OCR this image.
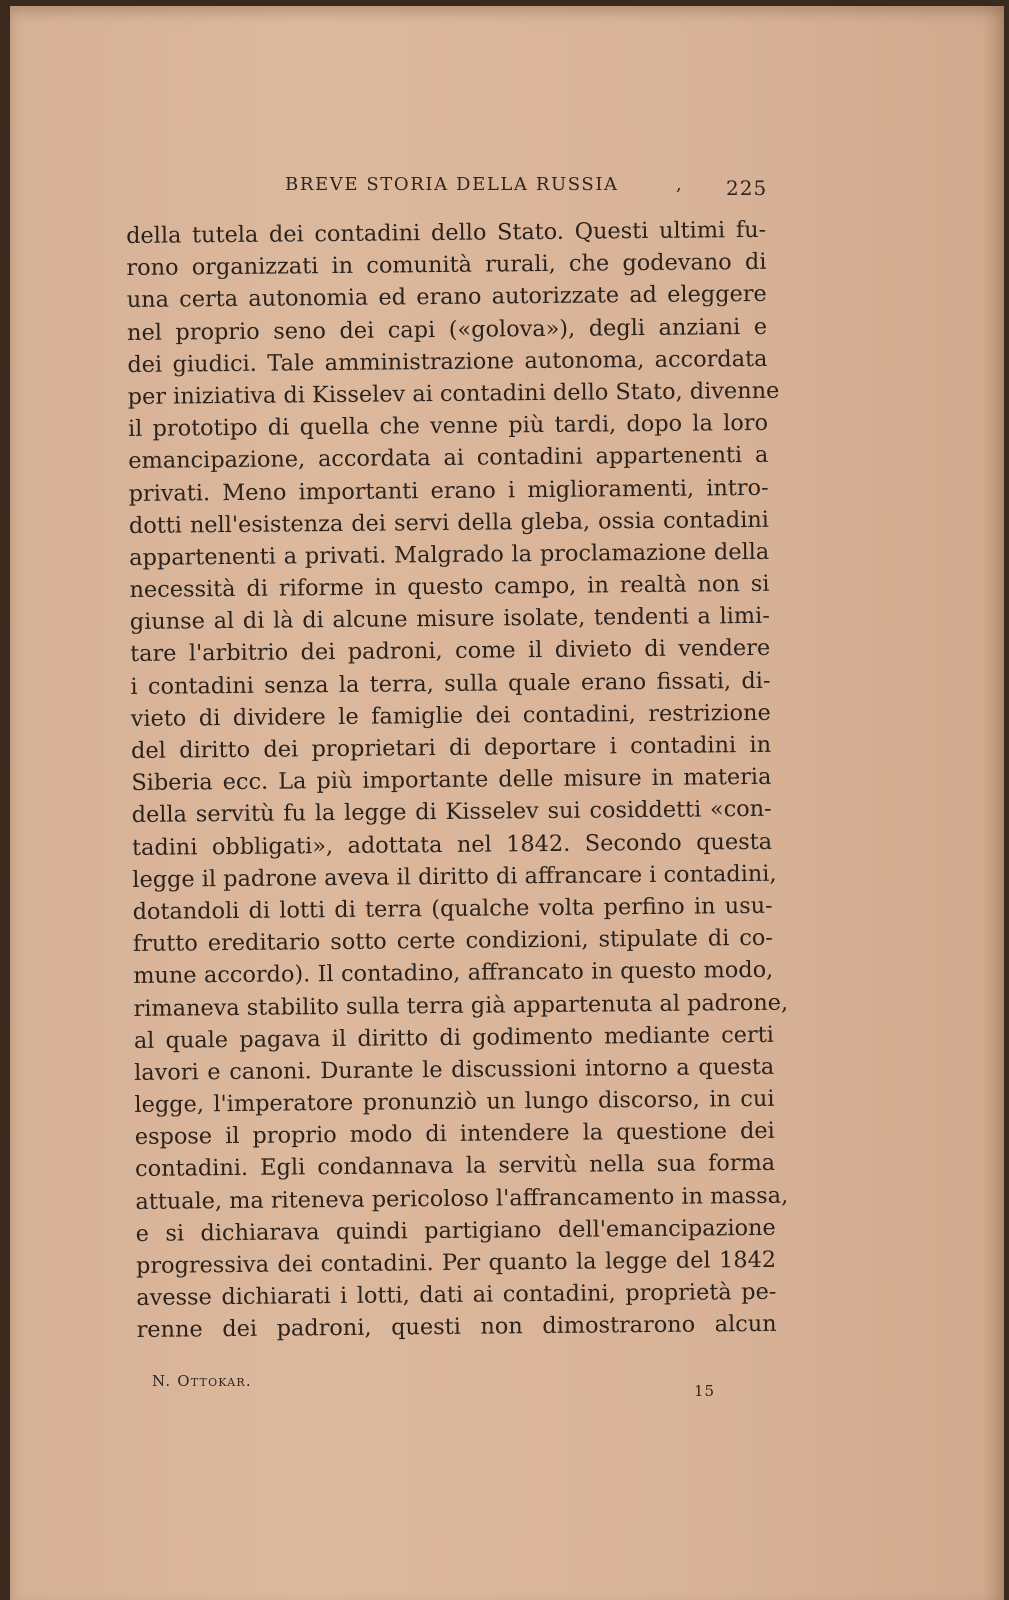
BREVE STORIA DELLA RUSSIA	, 225

della tutela dei contadini dello Stato. Questi ultimi fu-
rono organizzati in comunità rurali, che godevano di
una certa autonomia ed erano autorizzate ad eleggere
nel proprio seno dei capi («golova»), degli anziani e
dei giudici. Tale amministrazione autonoma, accordata
per iniziativa di Kisselev ai contadini dello Stato, divenne
il prototipo di quella che venne più tardi, dopo la loro
emancipazione, accordata ai contadini appartenenti a
privati. Meno importanti erano i miglioramenti, intro-
dotti nell'esistenza dei servi della gleba, ossia contadini
appartenenti a privati. Malgrado la proclamazione della
necessità di riforme in questo campo, in realtà non si
giunse al di là di alcune misure isolate, tendenti a limi-
tare l'arbitrio dei padroni, come il divieto di vendere
i contadini senza la terra, sulla quale erano fissati, di-
vieto di dividere le famiglie dei contadini, restrizione
del diritto dei proprietari di deportare i contadini in
Siberia ecc. La più importante delle misure in materia
della servitù fu la legge di Kisselev sui cosiddetti «con-
tadini obbligati», adottata nel 1842. Secondo questa
legge il padrone aveva il diritto di affrancare i contadini,
dotandoli di lotti di terra (qualche volta perfino in usu-
frutto ereditario sotto certe condizioni, stipulate di co-
mune accordo). Il contadino, affrancato in questo modo,
rimaneva stabilito sulla terra già appartenuta al padrone,
al quale pagava il diritto di godimento mediante certi
lavori e canoni. Durante le discussioni intorno a questa
legge, l'imperatore pronunziò un lungo discorso, in cui
espose il proprio modo di intendere la questione dei
contadini. Egli condannava la servitù nella sua forma
attuale, ma riteneva pericoloso l'affrancamento in massa,
e si dichiarava quindi partigiano dell'emancipazione
progressiva dei contadini. Per quanto la legge del 1842
avesse dichiarati i lotti, dati ai contadini, proprietà pe-
renne dei padroni, questi non dimostrarono alcun

N. Ottokar.
15
